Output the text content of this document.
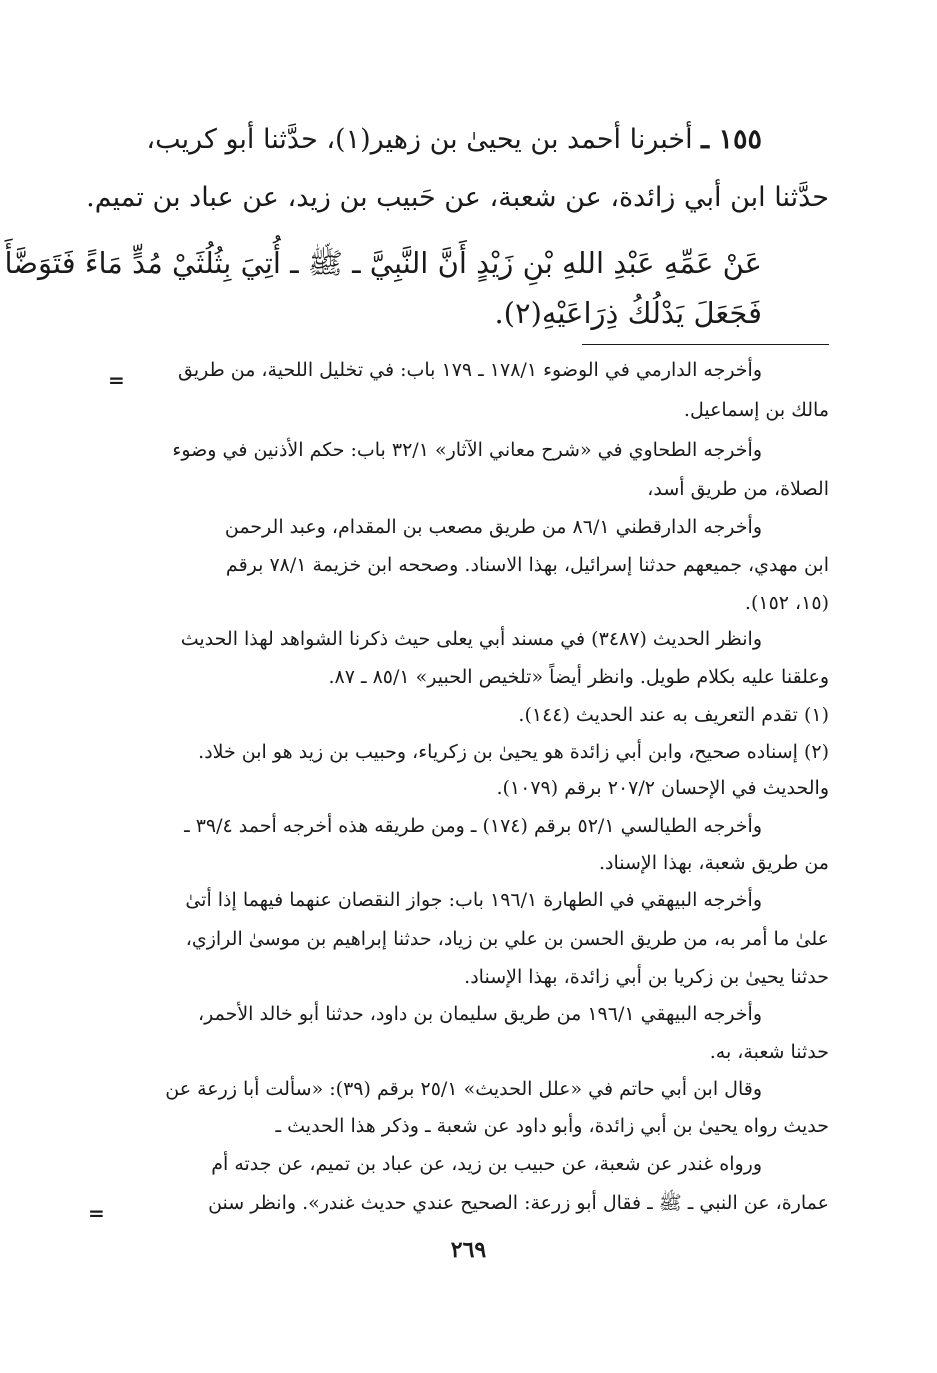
١٥٥ ـ أخبرنا أحمد بن يحيىٰ بن زهير(١)، حدَّثنا أبو كريب،
حدَّثنا ابن أبي زائدة، عن شعبة، عن حَبيب بن زيد، عن عباد بن تميم.
عَنْ عَمِّهِ عَبْدِ اللهِ بْنِ زَيْدٍ أَنَّ النَّبِيَّ ـ ﷺ ـ أُتِيَ بِثُلُثَيْ مُدٍّ مَاءً فَتَوَضَّأَ
فَجَعَلَ يَدْلُكُ ذِرَاعَيْهِ(٢).
=	وأخرجه الدارمي في الوضوء ١٧٨/١ ـ ١٧٩ باب: في تخليل اللحية، من طريق
مالك بن إسماعيل.
وأخرجه الطحاوي في «شرح معاني الآثار» ٣٢/١ باب: حكم الأذنين في وضوء
الصلاة، من طريق أسد،
وأخرجه الدارقطني ٨٦/١ من طريق مصعب بن المقدام، وعبد الرحمن
ابن مهدي، جميعهم حدثنا إسرائيل، بهذا الاسناد. وصححه ابن خزيمة ٧٨/١ برقم
(١٥، ١٥٢).
وانظر الحديث (٣٤٨٧) في مسند أبي يعلى حيث ذكرنا الشواهد لهذا الحديث
وعلقنا عليه بكلام طويل. وانظر أيضاً «تلخيص الحبير» ٨٥/١ ـ ٨٧.
(١) تقدم التعريف به عند الحديث (١٤٤).
(٢) إسناده صحيح، وابن أبي زائدة هو يحيىٰ بن زكرياء، وحبيب بن زيد هو ابن خلاد.
والحديث في الإحسان ٢٠٧/٢ برقم (١٠٧٩).
وأخرجه الطيالسي ٥٢/١ برقم (١٧٤) ـ ومن طريقه هذه أخرجه أحمد ٣٩/٤ ـ
من طريق شعبة، بهذا الإسناد.
وأخرجه البيهقي في الطهارة ١٩٦/١ باب: جواز النقصان عنهما فيهما إذا أتىٰ
علىٰ ما أمر به، من طريق الحسن بن علي بن زياد، حدثنا إبراهيم بن موسىٰ الرازي،
حدثنا يحيىٰ بن زكريا بن أبي زائدة، بهذا الإسناد.
وأخرجه البيهقي ١٩٦/١ من طريق سليمان بن داود، حدثنا أبو خالد الأحمر،
حدثنا شعبة، به.
وقال ابن أبي حاتم في «علل الحديث» ٢٥/١ برقم (٣٩): «سألت أبا زرعة عن
حديث رواه يحيىٰ بن أبي زائدة، وأبو داود عن شعبة ـ وذكر هذا الحديث ـ
ورواه غندر عن شعبة، عن حبيب بن زيد، عن عباد بن تميم، عن جدته أم
عمارة، عن النبي ـ ﷺ ـ فقال أبو زرعة: الصحيح عندي حديث غندر». وانظر سنن
=
٢٦٩
